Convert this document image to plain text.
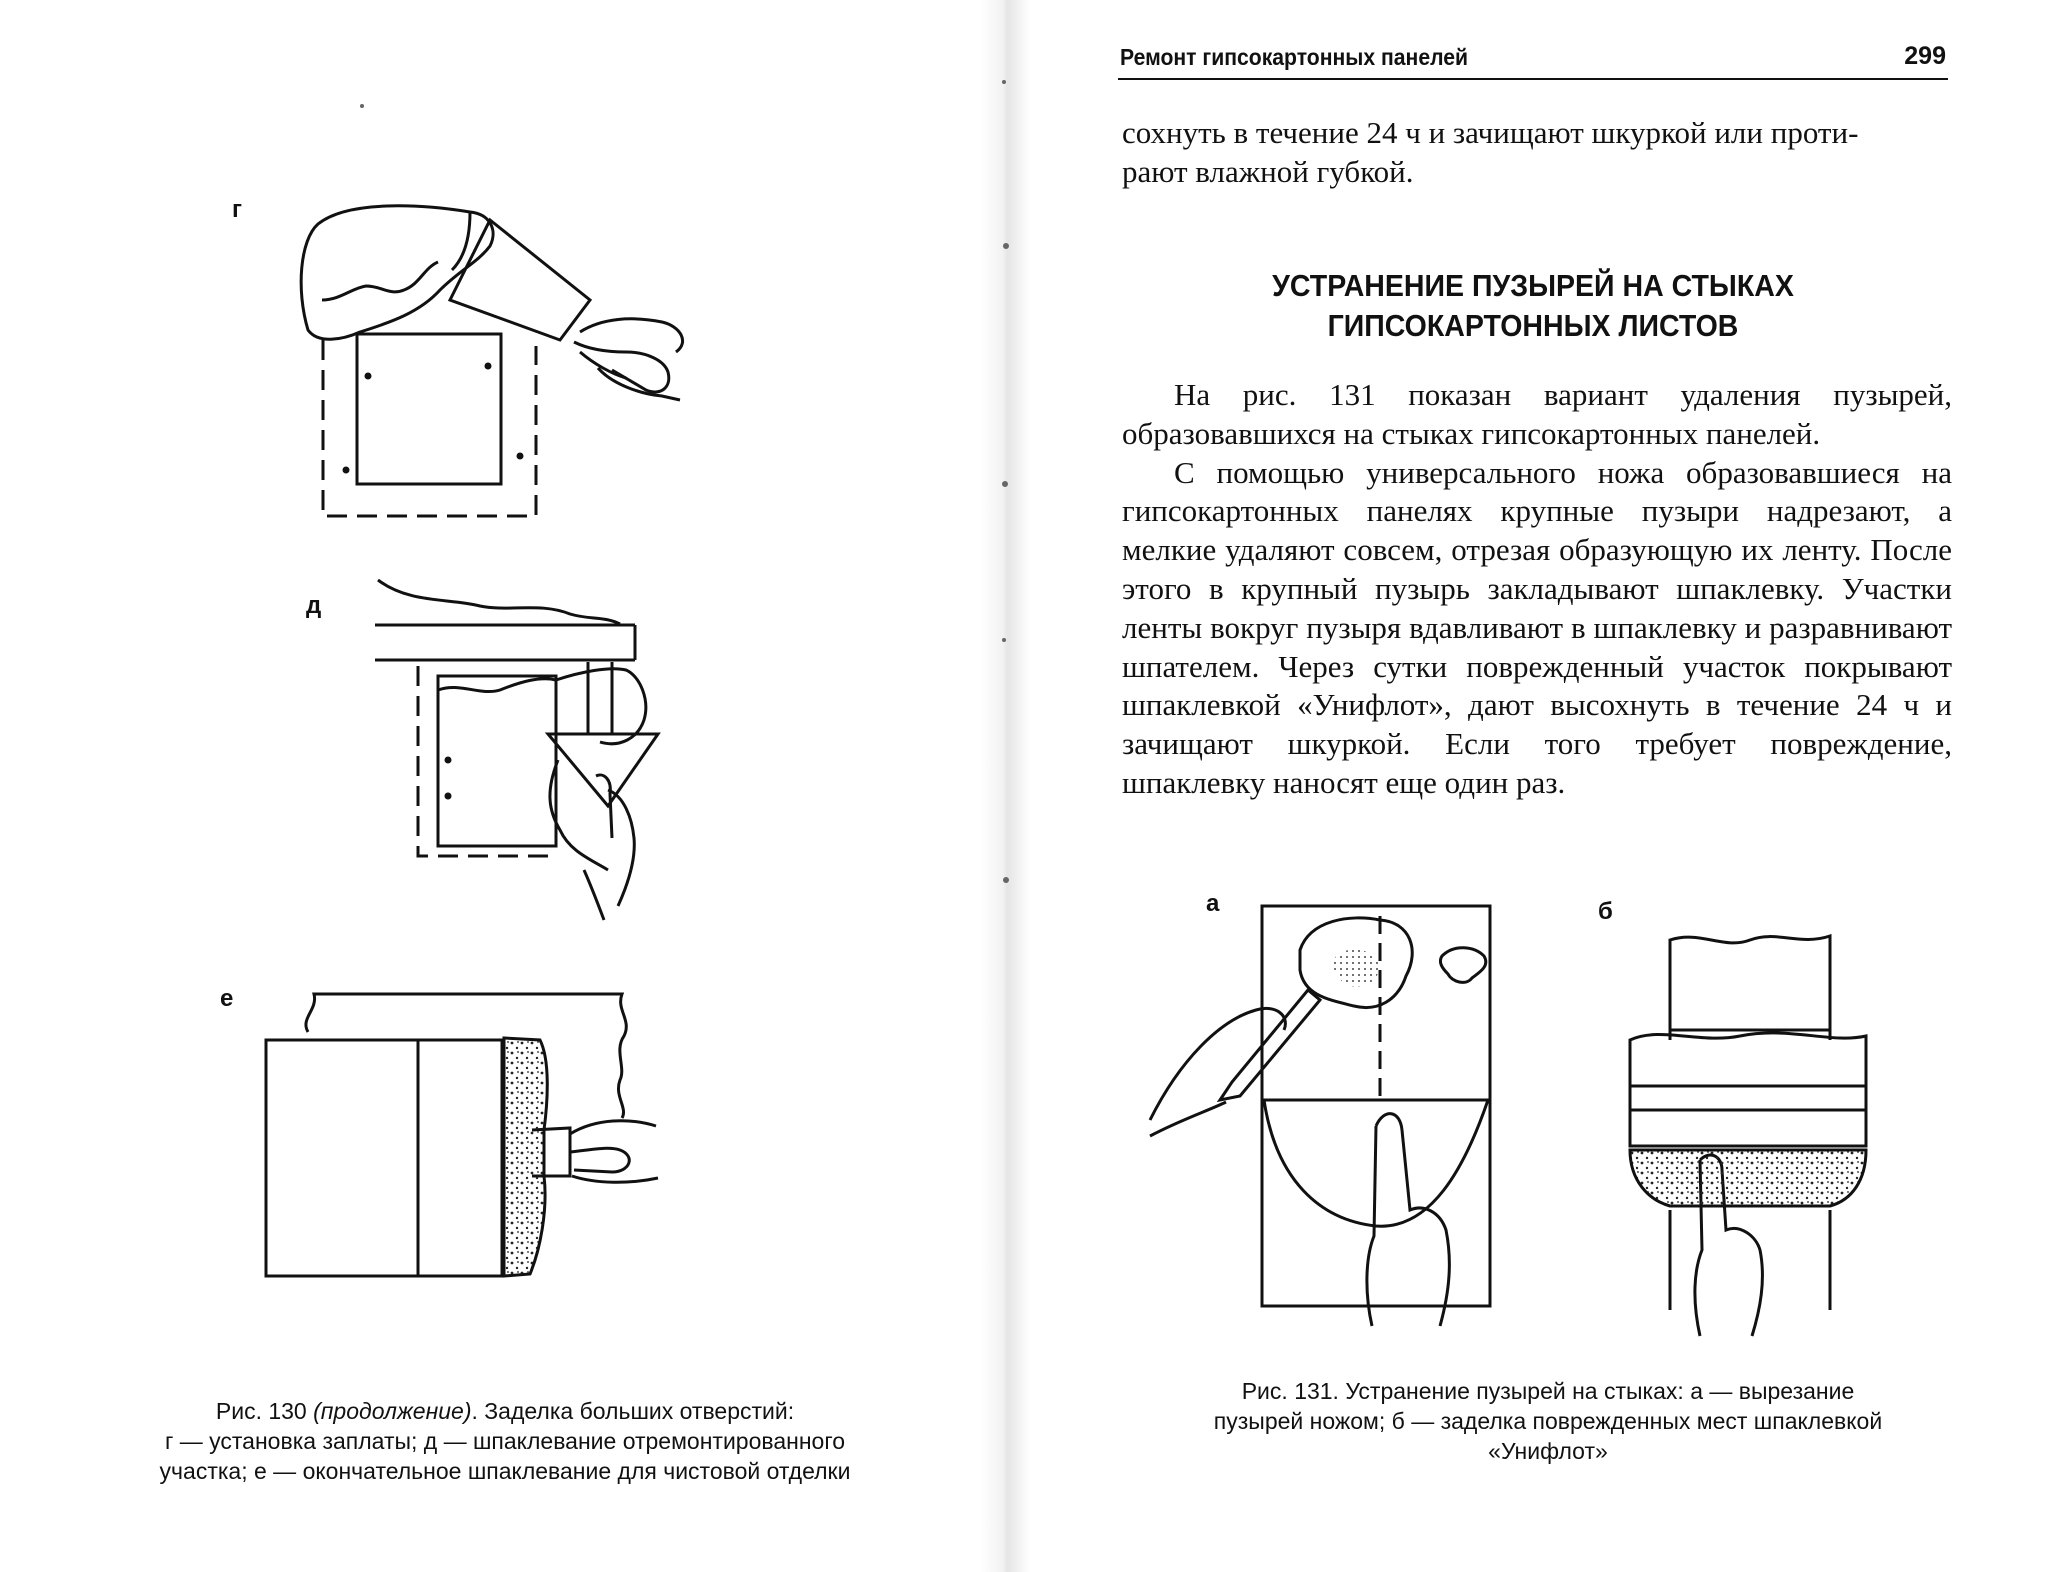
г
д
е
Рис. 130 (продолжение). Заделка больших отверстий:
г — установка заплаты; д — шпаклевание отремонтированного
участка; е — окончательное шпаклевание для чистовой отделки
Ремонт гипсокартонных панелей	299
сохнуть в течение 24 ч и зачищают шкуркой или проти-
рают влажной губкой.
УСТРАНЕНИЕ ПУЗЫРЕЙ НА СТЫКАХ
ГИПСОКАРТОННЫХ ЛИСТОВ

На рис. 131 показан вариант удаления пузырей, образовавшихся на стыках гипсокартонных панелей.

С помощью универсального ножа образовавшиеся на гипсокартонных панелях крупные пузыри надрезают, а мелкие удаляют совсем, отрезая образующую их ленту. После этого в крупный пузырь закладывают шпаклевку. Участки ленты вокруг пузыря вдавливают в шпаклевку и разравнивают шпателем. Через сутки поврежденный участок покрывают шпаклевкой «Унифлот», дают высохнуть в течение 24 ч и зачищают шкуркой. Если того требует повреждение, шпаклевку наносят еще один раз.

а	б
Рис. 131. Устранение пузырей на стыках: а — вырезание
пузырей ножом; б — заделка поврежденных мест шпаклевкой
«Унифлот»
